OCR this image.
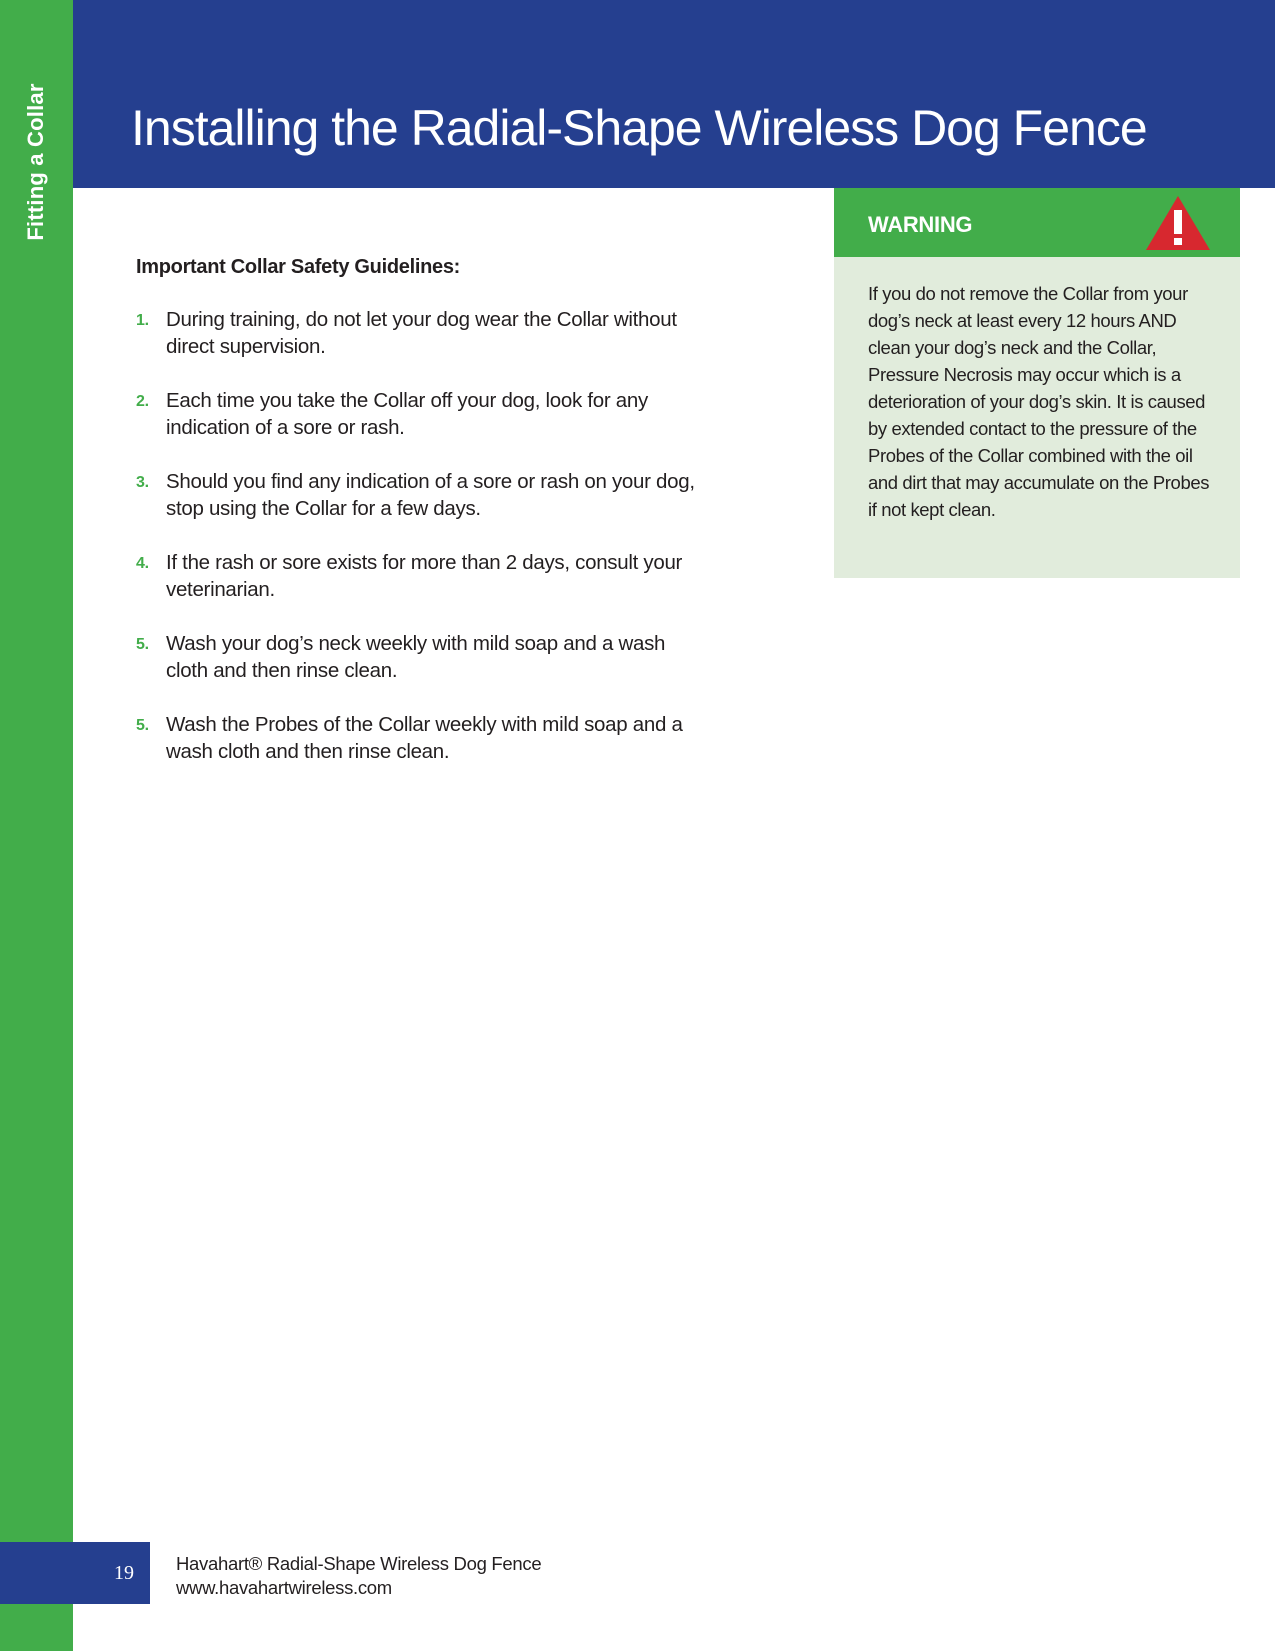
Fitting a Collar Installing the Radial-Shape Wireless Dog Fence
Important Collar Safety Guidelines:
1. During training, do not let your dog wear the Collar without direct supervision.
2. Each time you take the Collar off your dog, look for any indication of a sore or rash.
3. Should you find any indication of a sore or rash on your dog, stop using the Collar for a few days.
4. If the rash or sore exists for more than 2 days, consult your veterinarian.
5. Wash your dog’s neck weekly with mild soap and a wash cloth and then rinse clean.
5. Wash the Probes of the Collar weekly with mild soap and a wash cloth and then rinse clean.
WARNING

If you do not remove the Collar from your dog’s neck at least every 12 hours AND clean your dog’s neck and the Collar, Pressure Necrosis may occur which is a deterioration of your dog’s skin. It is caused by extended contact to the pressure of the Probes of the Collar combined with the oil and dirt that may accumulate on the Probes if not kept clean.

19 Havahart® Radial-Shape Wireless Dog Fence
www.havahartwireless.com
